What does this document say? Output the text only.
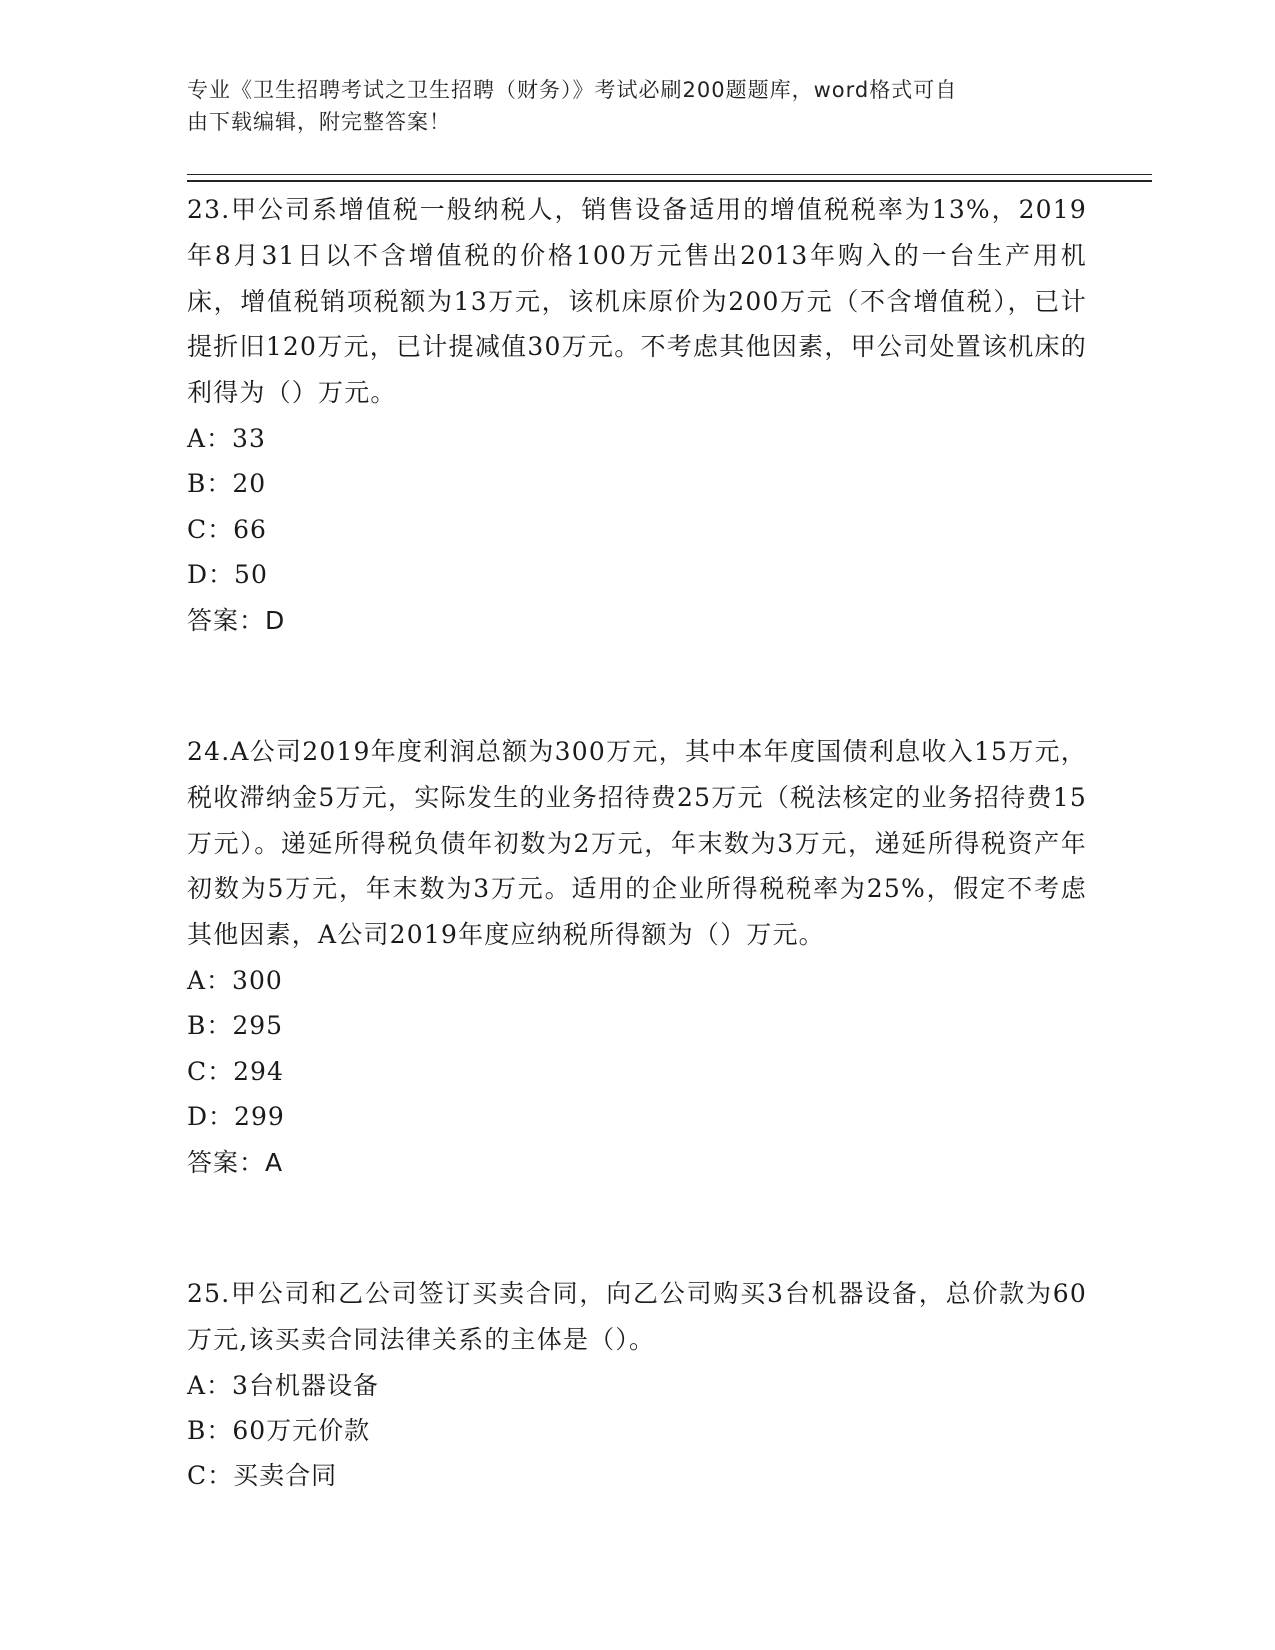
专业《卫生招聘考试之卫生招聘（财务）》考试必刷200题题库，word格式可自
由下载编辑，附完整答案！
23.甲公司系增值税一般纳税人，销售设备适用的增值税税率为13%，2019年8月31日以不含增值税的价格100万元售出2013年购入的一台生产用机床，增值税销项税额为13万元，该机床原价为200万元（不含增值税），已计提折旧120万元，已计提减值30万元。不考虑其他因素，甲公司处置该机床的利得为（）万元。
A：33
B：20
C：66
D：50
答案：D
24.A公司2019年度利润总额为300万元，其中本年度国债利息收入15万元，税收滞纳金5万元，实际发生的业务招待费25万元（税法核定的业务招待费15万元）。递延所得税负债年初数为2万元，年末数为3万元，递延所得税资产年初数为5万元，年末数为3万元。适用的企业所得税税率为25%，假定不考虑其他因素，A公司2019年度应纳税所得额为（）万元。
A：300
B：295
C：294
D：299
答案：A
25.甲公司和乙公司签订买卖合同，向乙公司购买3台机器设备，总价款为60万元,该买卖合同法律关系的主体是（）。
A：3台机器设备
B：60万元价款
C：买卖合同
